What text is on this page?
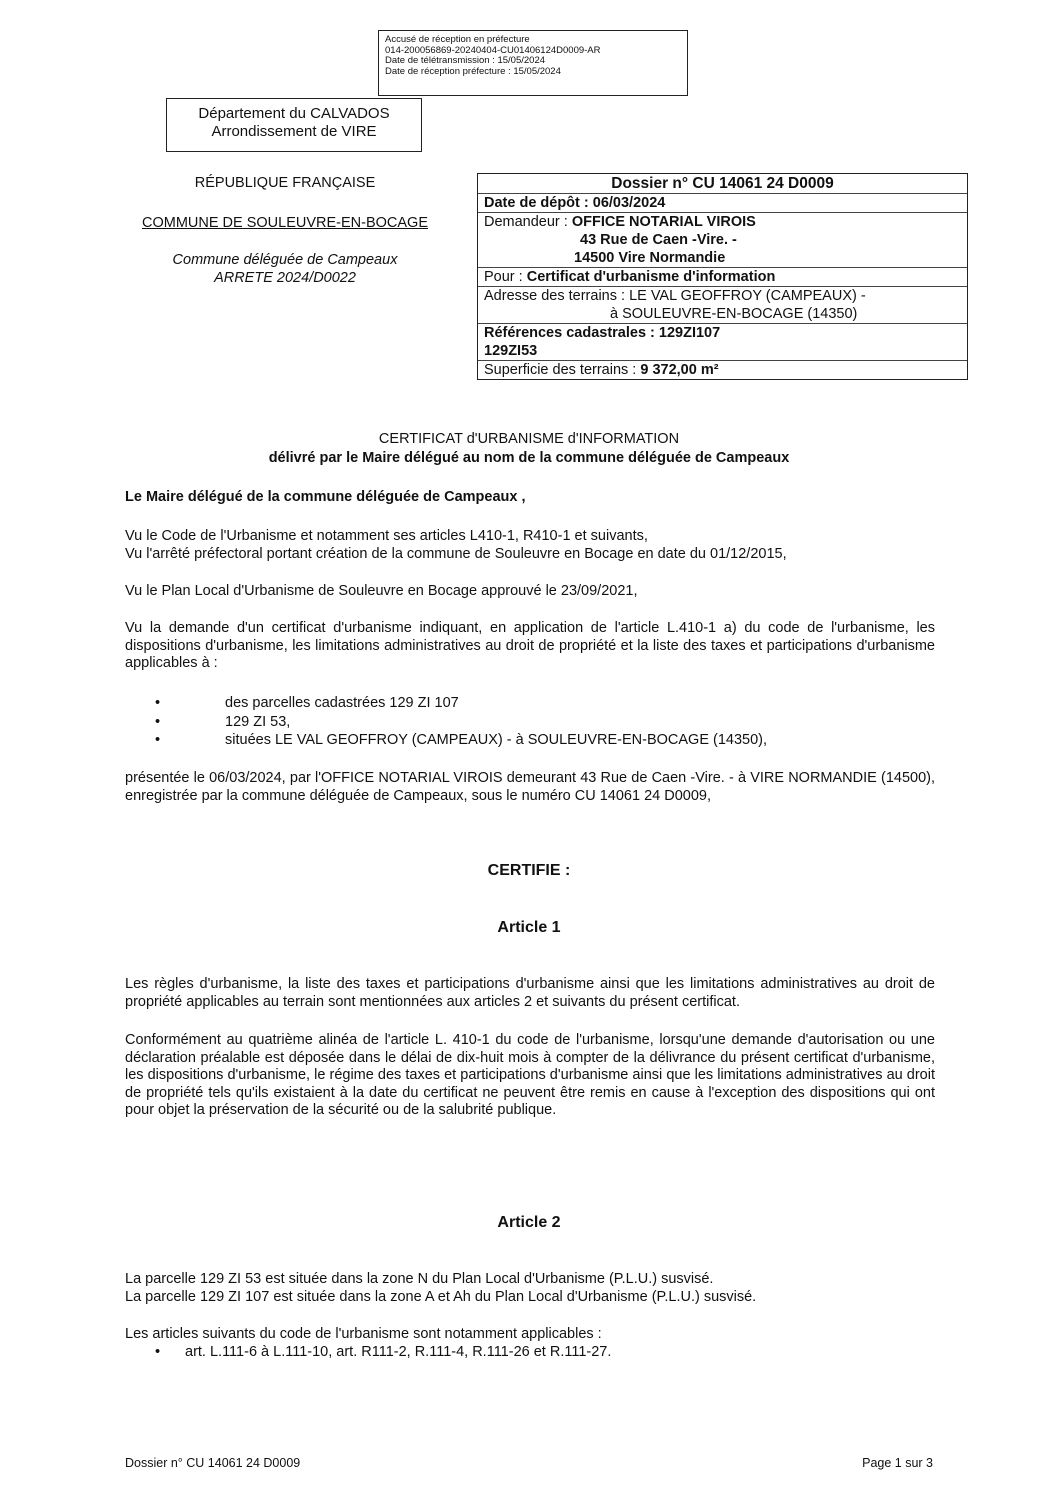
Accusé de réception en préfecture
014-200056869-20240404-CU01406124D0009-AR
Date de télétransmission : 15/05/2024
Date de réception préfecture : 15/05/2024
Département du CALVADOS
Arrondissement de VIRE
RÉPUBLIQUE FRANÇAISE
COMMUNE DE SOULEUVRE-EN-BOCAGE
Commune déléguée de Campeaux
ARRETE 2024/D0022
Dossier n° CU 14061 24 D0009
Date de dépôt : 06/03/2024
Demandeur : OFFICE NOTARIAL VIROIS
43 Rue de Caen -Vire. -
14500 Vire Normandie
Pour : Certificat d'urbanisme d'information
Adresse des terrains : LE VAL GEOFFROY (CAMPEAUX) -
à SOULEUVRE-EN-BOCAGE (14350)
Références cadastrales : 129ZI107
129ZI53
Superficie des terrains : 9 372,00 m²
CERTIFICAT d'URBANISME d'INFORMATION
délivré par le Maire délégué au nom de la commune déléguée de Campeaux
Le Maire délégué de la commune déléguée de Campeaux ,
Vu le Code de l'Urbanisme et notamment ses articles L410-1, R410-1 et suivants,
Vu l'arrêté préfectoral portant création de la commune de Souleuvre en Bocage en date du 01/12/2015,
Vu le Plan Local d'Urbanisme de Souleuvre en Bocage approuvé le 23/09/2021,
Vu la demande d'un certificat d'urbanisme indiquant, en application de l'article L.410-1 a) du code de l'urbanisme, les dispositions d'urbanisme, les limitations administratives au droit de propriété et la liste des taxes et participations d'urbanisme applicables à :
•	des parcelles cadastrées 129 ZI 107
•	129 ZI 53,
•	situées LE VAL GEOFFROY (CAMPEAUX) - à SOULEUVRE-EN-BOCAGE (14350),
présentée le 06/03/2024, par l'OFFICE NOTARIAL VIROIS demeurant 43 Rue de Caen -Vire. - à VIRE NORMANDIE (14500), enregistrée par la commune déléguée de Campeaux, sous le numéro CU 14061 24 D0009,
CERTIFIE :
Article 1
Les règles d'urbanisme, la liste des taxes et participations d'urbanisme ainsi que les limitations administratives au droit de propriété applicables au terrain sont mentionnées aux articles 2 et suivants du présent certificat.
Conformément au quatrième alinéa de l'article L. 410-1 du code de l'urbanisme, lorsqu'une demande d'autorisation ou une déclaration préalable est déposée dans le délai de dix-huit mois à compter de la délivrance du présent certificat d'urbanisme, les dispositions d'urbanisme, le régime des taxes et participations d'urbanisme ainsi que les limitations administratives au droit de propriété tels qu'ils existaient à la date du certificat ne peuvent être remis en cause à l'exception des dispositions qui ont pour objet la préservation de la sécurité ou de la salubrité publique.
Article 2
La parcelle 129 ZI 53 est située dans la zone N du Plan Local d'Urbanisme (P.L.U.) susvisé.
La parcelle 129 ZI 107 est située dans la zone A et Ah du Plan Local d'Urbanisme (P.L.U.) susvisé.
Les articles suivants du code de l'urbanisme sont notamment applicables :
•	art. L.111-6 à L.111-10, art. R111-2, R.111-4, R.111-26 et R.111-27.
Dossier n° CU 14061 24 D0009	Page 1 sur 3
